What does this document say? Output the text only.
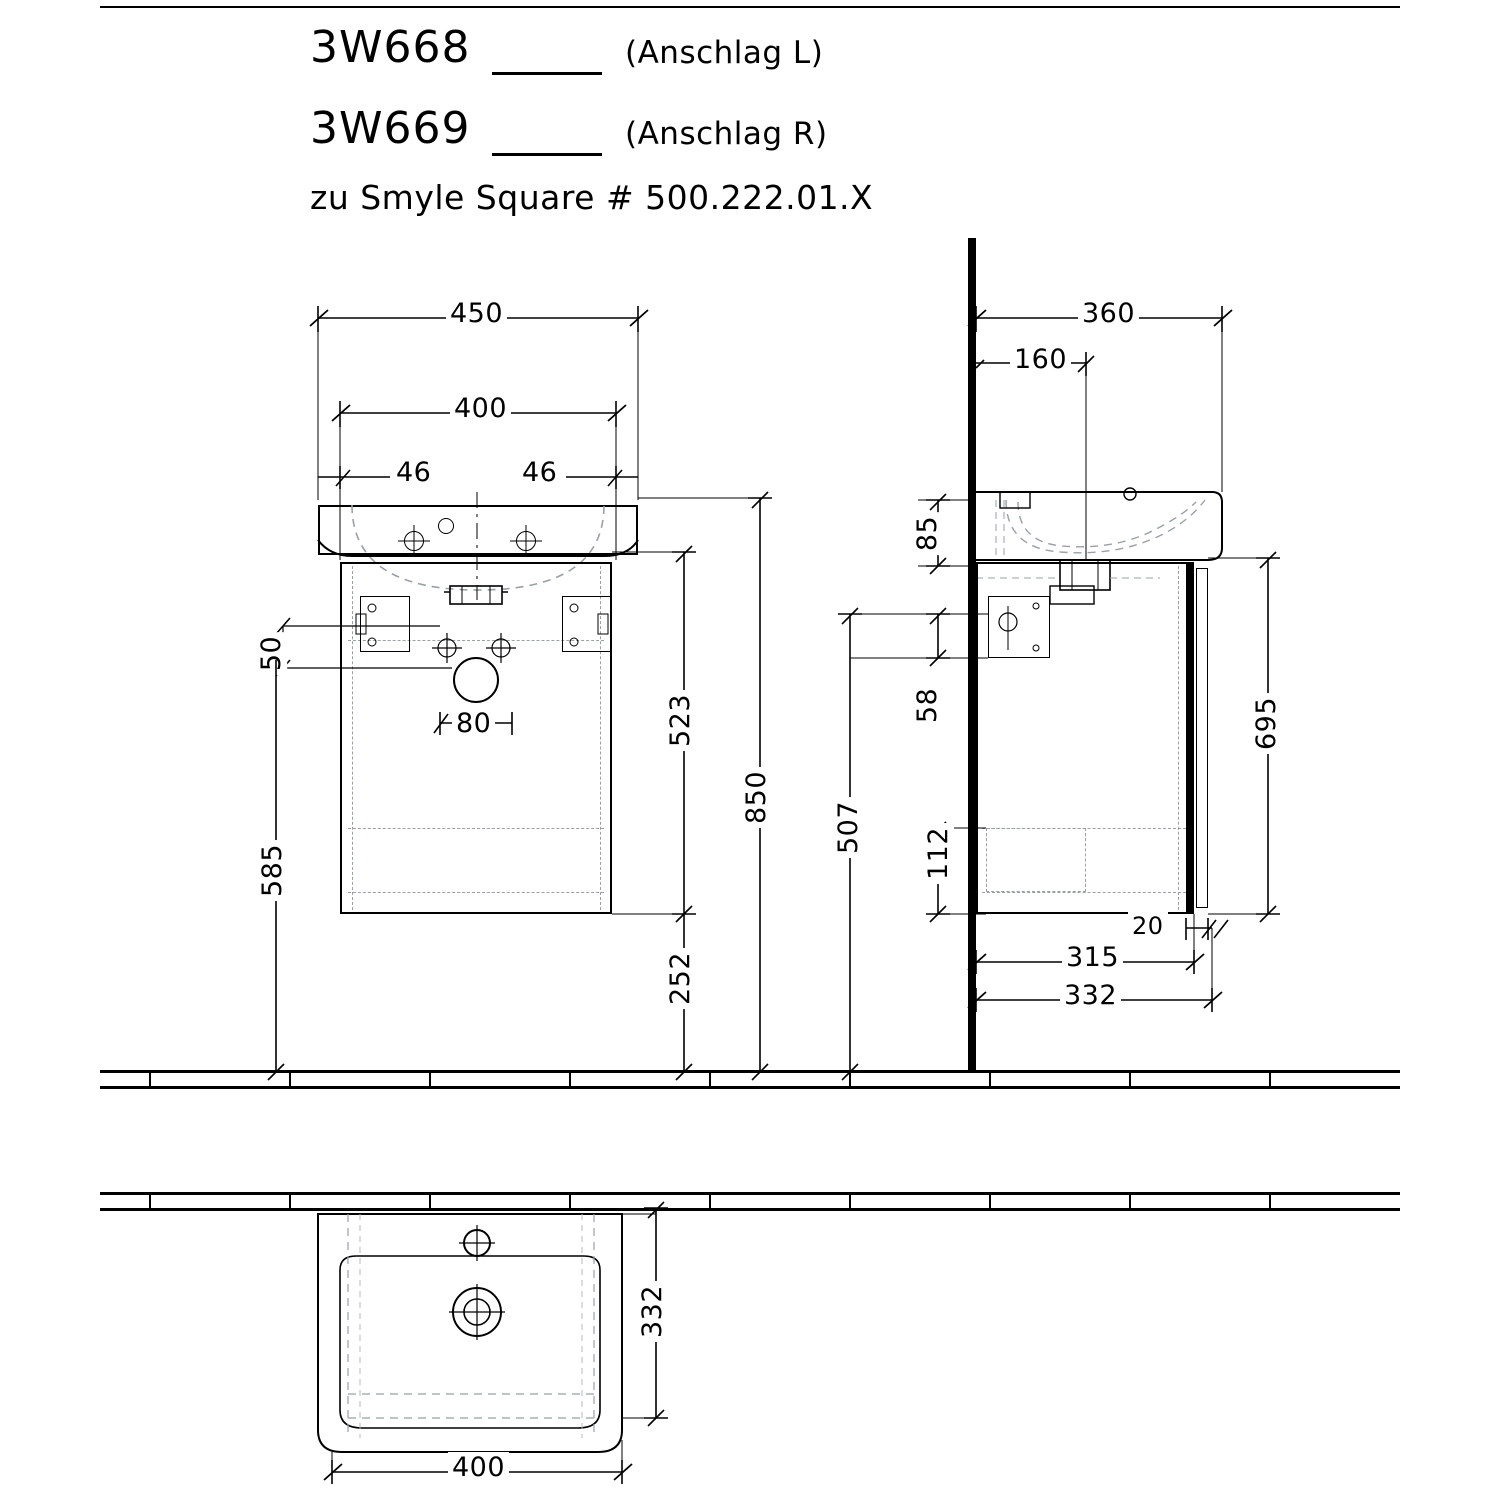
3W668	(Anschlag L)
3W669	(Anschlag R)
zu Smyle Square # 500.222.01.X
450
400
46	46
80
50
523
850
252
585
360
160
85
58
507 112
695
20
315
332
332
400
